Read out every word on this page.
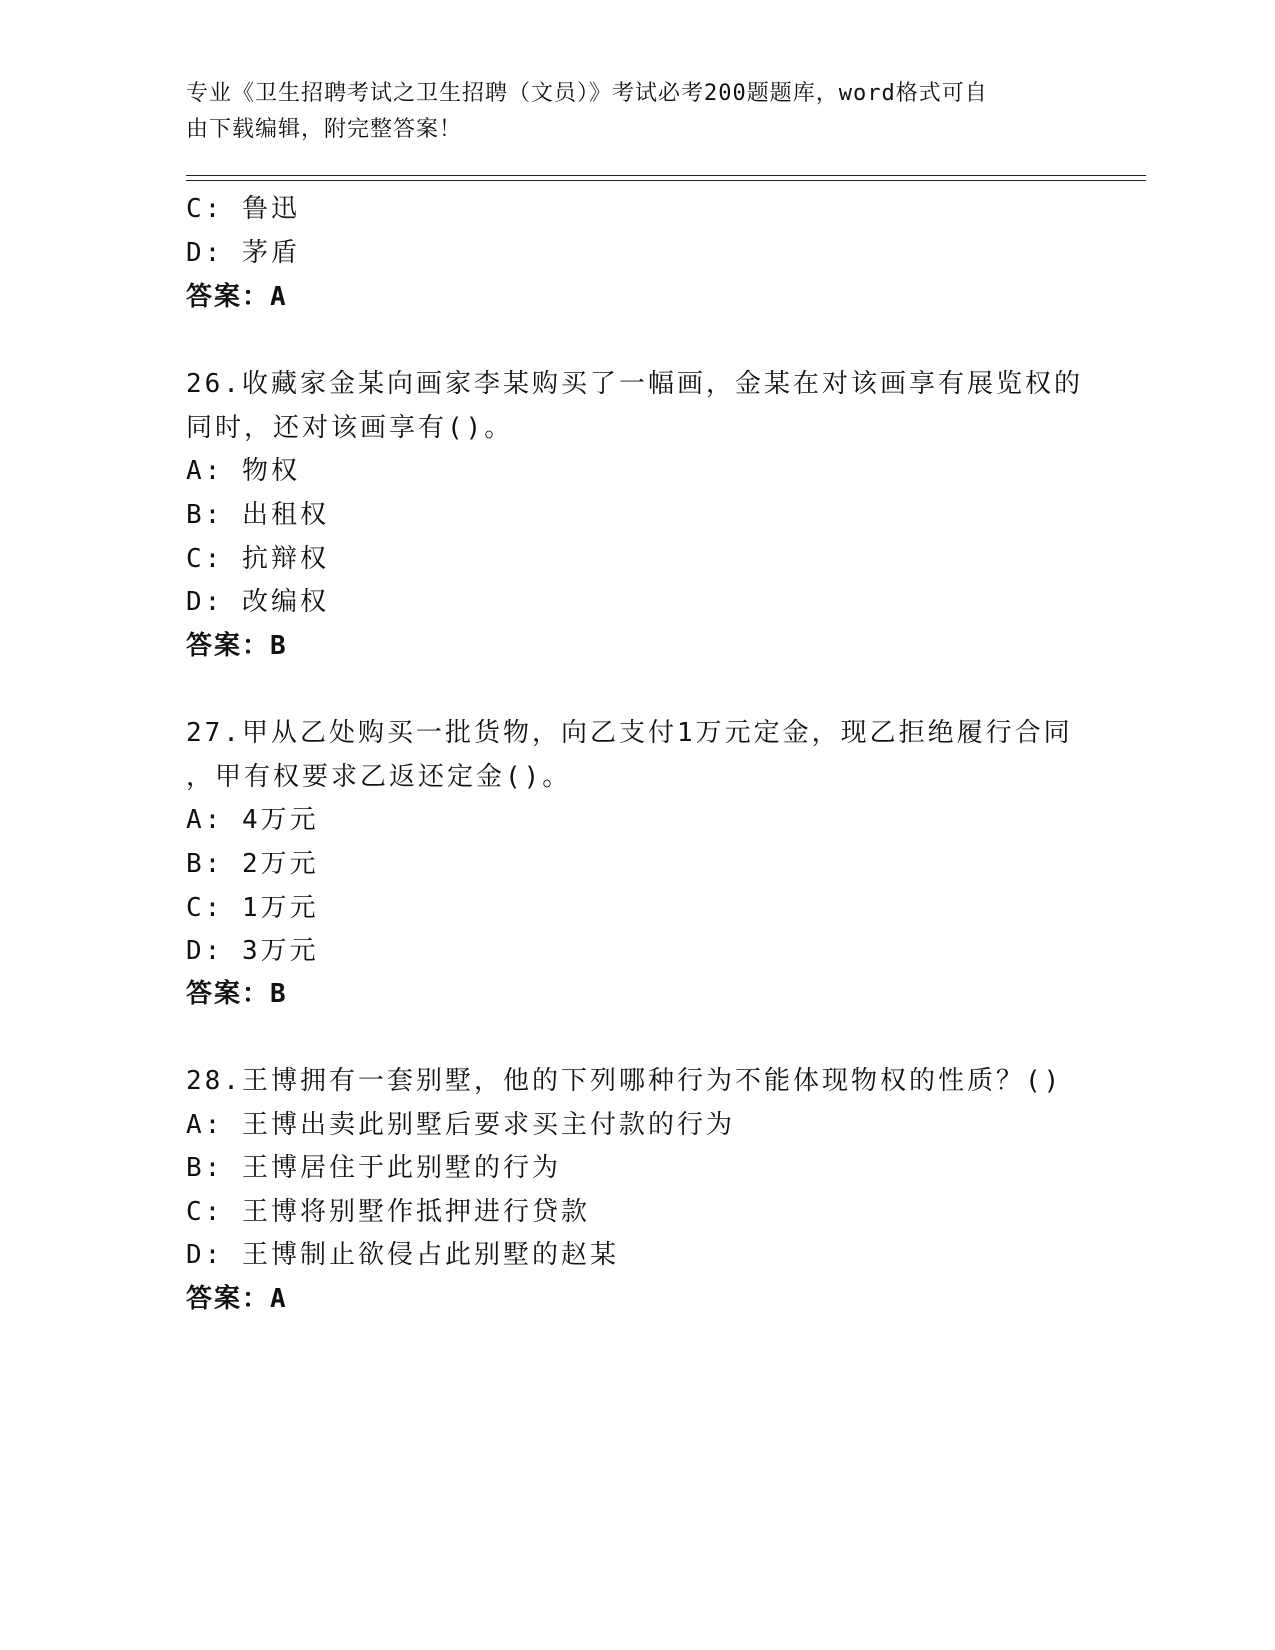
专业《卫生招聘考试之卫生招聘（文员）》考试必考200题题库，word格式可自
由下载编辑，附完整答案！
C: 鲁迅
D: 茅盾
答案：A
26.收藏家金某向画家李某购买了一幅画，金某在对该画享有展览权的
同时，还对该画享有()。
A: 物权
B: 出租权
C: 抗辩权
D: 改编权
答案：B
27.甲从乙处购买一批货物，向乙支付1万元定金，现乙拒绝履行合同
，甲有权要求乙返还定金()。
A: 4万元
B: 2万元
C: 1万元
D: 3万元
答案：B
28.王博拥有一套别墅，他的下列哪种行为不能体现物权的性质？()
A: 王博出卖此别墅后要求买主付款的行为
B: 王博居住于此别墅的行为
C: 王博将别墅作抵押进行贷款
D: 王博制止欲侵占此别墅的赵某
答案：A
